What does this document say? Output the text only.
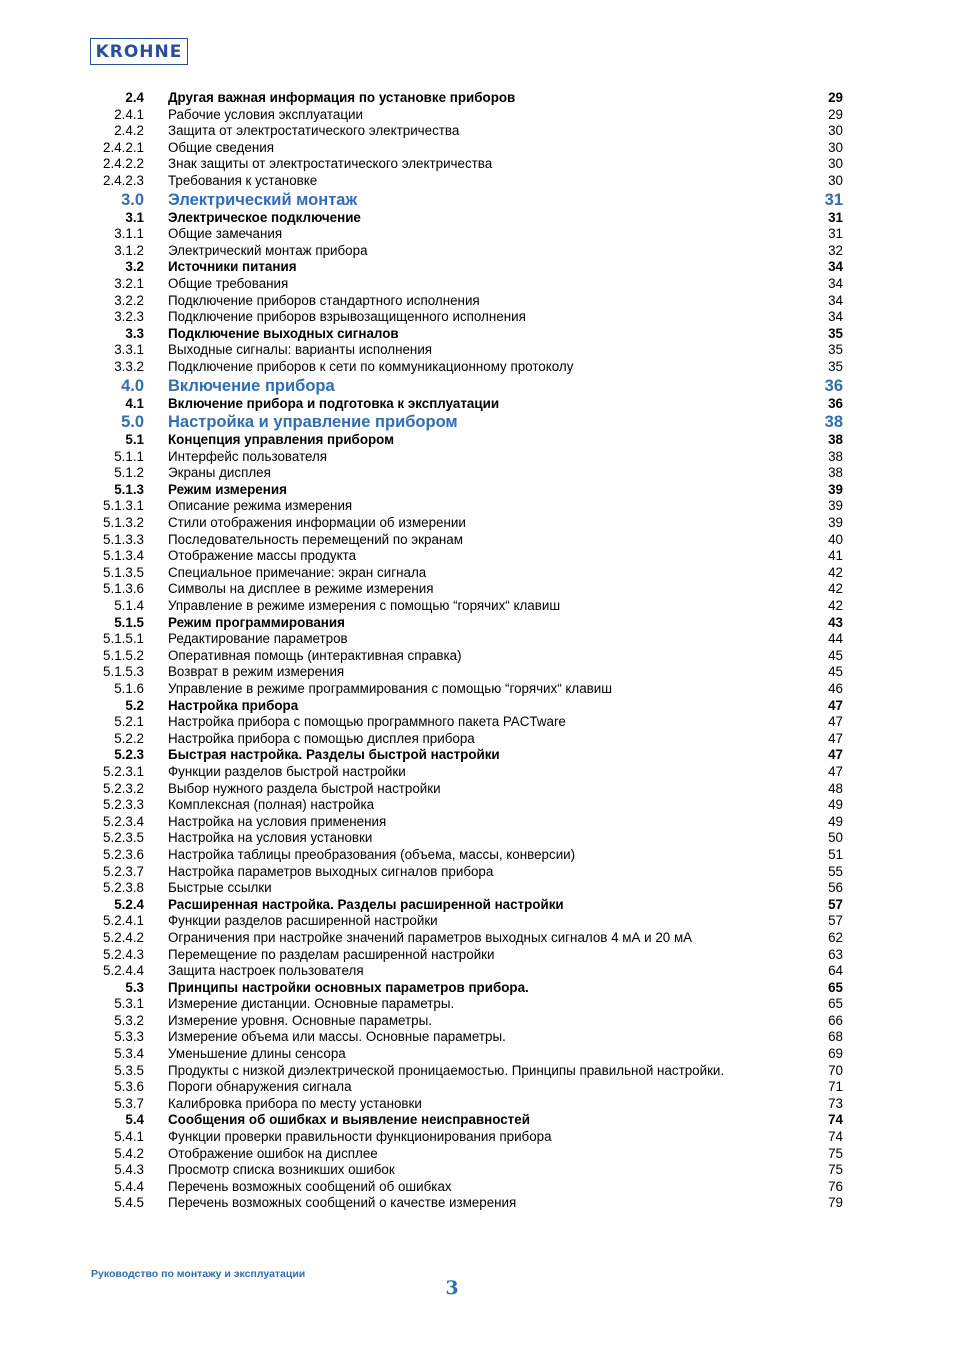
KROHNE
2.4 Другая важная информация по установке приборов	29
2.4.1 Рабочие условия эксплуатации	29
2.4.2 Защита от электростатического электричества	30
2.4.2.1 Общие сведения	30
2.4.2.2 Знак защиты от электростатического электричества	30
2.4.2.3 Требования к установке	30
3.0 Электрический монтаж	31
3.1 Электрическое подключение	31
3.1.1 Общие замечания	31
3.1.2 Электрический монтаж прибора	32
3.2 Источники питания	34
3.2.1 Общие требования	34
3.2.2 Подключение приборов стандартного исполнения	34
3.2.3 Подключение приборов взрывозащищенного исполнения	34
3.3 Подключение выходных сигналов	35
3.3.1 Выходные сигналы: варианты исполнения	35
3.3.2 Подключение приборов к сети по коммуникационному протоколу	35
4.0 Включение прибора	36
4.1 Включение прибора и подготовка к эксплуатации	36
5.0 Настройка и управление прибором	38
5.1 Концепция управления прибором	38
5.1.1 Интерфейс пользователя	38
5.1.2 Экраны дисплея	38
5.1.3 Режим измерения	39
5.1.3.1 Описание режима измерения	39
5.1.3.2 Стили отображения информации об измерении	39
5.1.3.3 Последовательность перемещений по экранам	40
5.1.3.4 Отображение массы продукта	41
5.1.3.5 Специальное примечание: экран сигнала	42
5.1.3.6 Символы на дисплее в режиме измерения	42
5.1.4 Управление в режиме измерения с помощью “горячих“ клавиш	42
5.1.5 Режим программирования	43
5.1.5.1 Редактирование параметров	44
5.1.5.2 Оперативная помощь (интерактивная справка)	45
5.1.5.3 Возврат в режим измерения	45
5.1.6 Управление в режиме программирования с помощью “горячих“ клавиш	46
5.2 Настройка прибора	47
5.2.1 Настройка прибора с помощью программного пакета PACTware	47
5.2.2 Настройка прибора с помощью дисплея прибора	47
5.2.3 Быстрая настройка. Разделы быстрой настройки	47
5.2.3.1 Функции разделов быстрой настройки	47
5.2.3.2 Выбор нужного раздела быстрой настройки	48
5.2.3.3 Комплексная (полная) настройка	49
5.2.3.4 Настройка на условия применения	49
5.2.3.5 Настройка на условия установки	50
5.2.3.6 Настройка таблицы преобразования (объема, массы, конверсии)	51
5.2.3.7 Настройка параметров выходных сигналов прибора	55
5.2.3.8 Быстрые ссылки	56
5.2.4 Расширенная настройка. Разделы расширенной настройки	57
5.2.4.1 Функции разделов расширенной настройки	57
5.2.4.2 Ограничения при настройке значений параметров выходных сигналов 4 мА и 20 мА	62
5.2.4.3 Перемещение по разделам расширенной настройки	63
5.2.4.4 Защита настроек пользователя	64
5.3 Принципы настройки основных параметров прибора.	65
5.3.1 Измерение дистанции. Основные параметры.	65
5.3.2 Измерение уровня. Основные параметры.	66
5.3.3 Измерение объема или массы. Основные параметры.	68
5.3.4 Уменьшение длины сенсора	69
5.3.5 Продукты с низкой диэлектрической проницаемостью. Принципы правильной настройки.	70
5.3.6 Пороги обнаружения сигнала	71
5.3.7 Калибровка прибора по месту установки	73
5.4 Сообщения об ошибках и выявление неисправностей	74
5.4.1 Функции проверки правильности функционирования прибора	74
5.4.2 Отображение ошибок на дисплее	75
5.4.3 Просмотр списка возникших ошибок	75
5.4.4 Перечень возможных сообщений об ошибках	76
5.4.5 Перечень возможных сообщений о качестве измерения	79
Руководство по монтажу и эксплуатации
3
